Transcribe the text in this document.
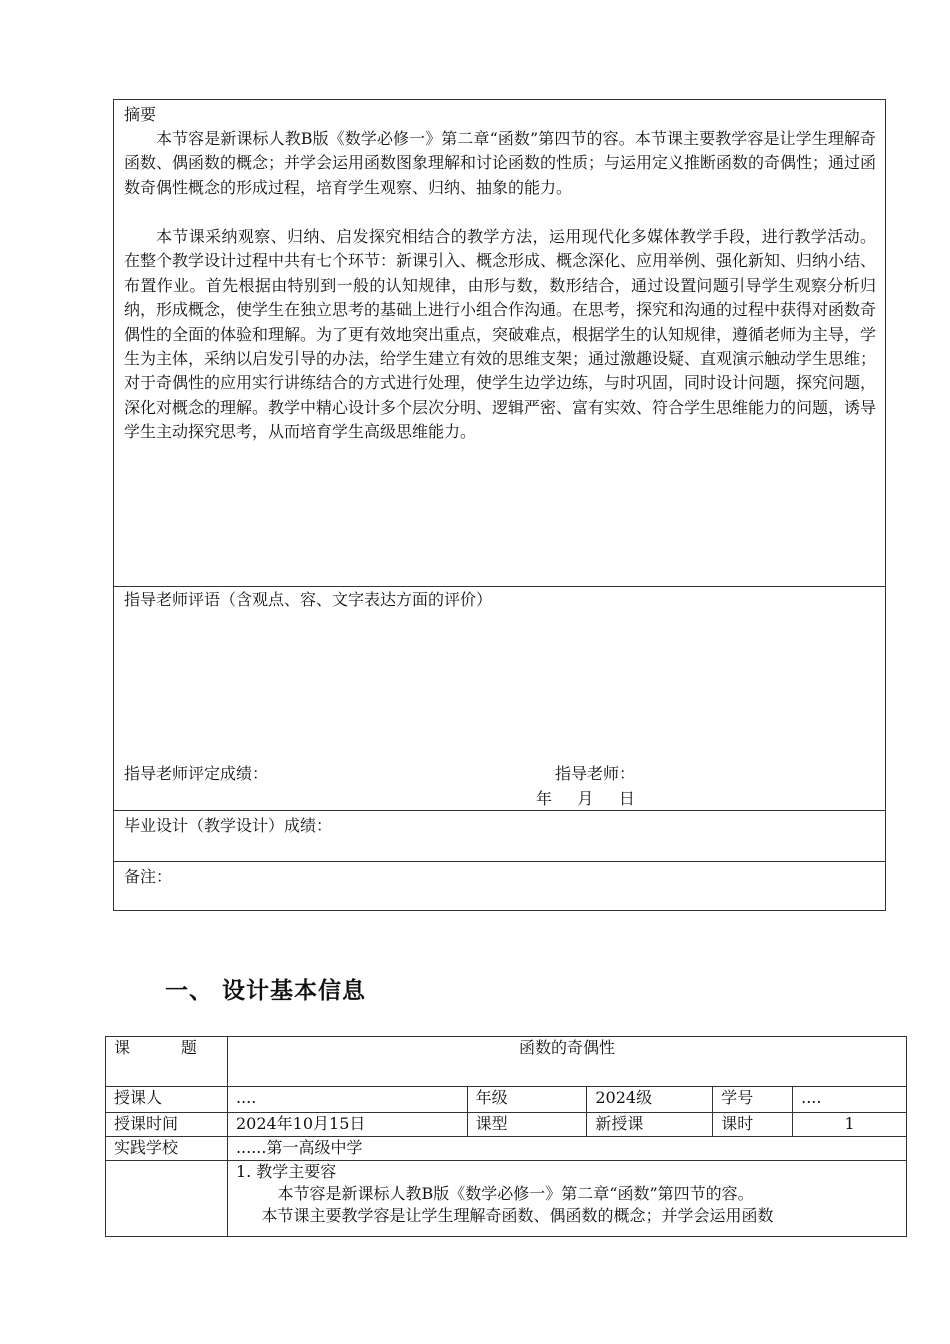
摘要
本节容是新课标人教B版《数学必修一》第二章“函数”第四节的容。本节课主要教学容是让学生理解奇函数、偶函数的概念；并学会运用函数图象理解和讨论函数的性质；与运用定义推断函数的奇偶性；通过函数奇偶性概念的形成过程，培育学生观察、归纳、抽象的能力。
本节课采纳观察、归纳、启发探究相结合的教学方法，运用现代化多媒体教学手段，进行教学活动。 在整个教学设计过程中共有七个环节：新课引入、概念形成、概念深化、应用举例、强化新知、归纳小结、布置作业。首先根据由特别到一般的认知规律，由形与数，数形结合，通过设置问题引导学生观察分析归纳，形成概念，使学生在独立思考的基础上进行小组合作沟通。在思考，探究和沟通的过程中获得对函数奇偶性的全面的体验和理解。为了更有效地突出重点，突破难点，根据学生的认知规律，遵循老师为主导，学生为主体，采纳以启发引导的办法，给学生建立有效的思维支架；通过激趣设疑、直观演示触动学生思维；对于奇偶性的应用实行讲练结合的方式进行处理，使学生边学边练，与时巩固，同时设计问题，探究问题，深化对概念的理解。教学中精心设计多个层次分明、逻辑严密、富有实效、符合学生思维能力的问题，诱导学生主动探究思考，从而培育学生高级思维能力。
指导老师评语（含观点、容、文字表达方面的评价）
指导老师评定成绩：	指导老师：
年     月     日
毕业设计（教学设计）成绩：
备注：
一、 设计基本信息
课          题	函数的奇偶性				
授课人	....	年级	2024级	学号	....
授课时间	2024年10月15日	课型	新授课	课时	1
实践学校	......第一高级中学				

	1. 教学主要容
本节容是新课标人教B版《数学必修一》第二章“函数”第四节的容。
本节课主要教学容是让学生理解奇函数、偶函数的概念；并学会运用函数				
